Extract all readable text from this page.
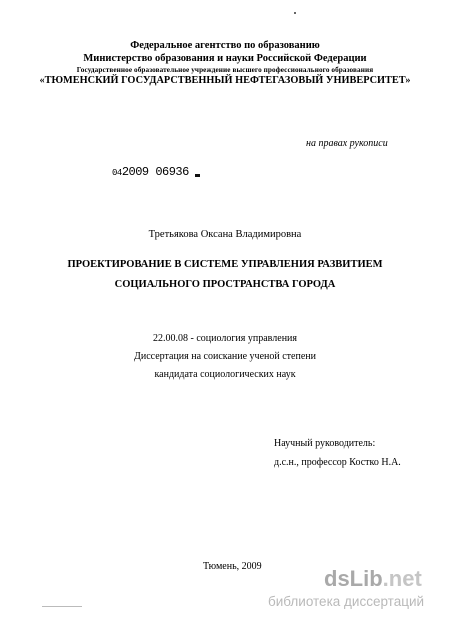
Федеральное агентство по образованию
Министерство образования и науки Российской Федерации
Государственное образовательное учреждение высшего профессионального образования
«ТЮМЕНСКИЙ ГОСУДАРСТВЕННЫЙ НЕФТЕГАЗОВЫЙ УНИВЕРСИТЕТ»
на правах рукописи
042009 06936
Третьякова Оксана Владимировна
ПРОЕКТИРОВАНИЕ В СИСТЕМЕ УПРАВЛЕНИЯ РАЗВИТИЕМ
СОЦИАЛЬНОГО ПРОСТРАНСТВА ГОРОДА
22.00.08 - социология управления
Диссертация на соискание ученой степени
кандидата социологических наук
Научный руководитель:
д.с.н., профессор Костко Н.А.
Тюмень, 2009	dsLib.net
библиотека диссертаций
